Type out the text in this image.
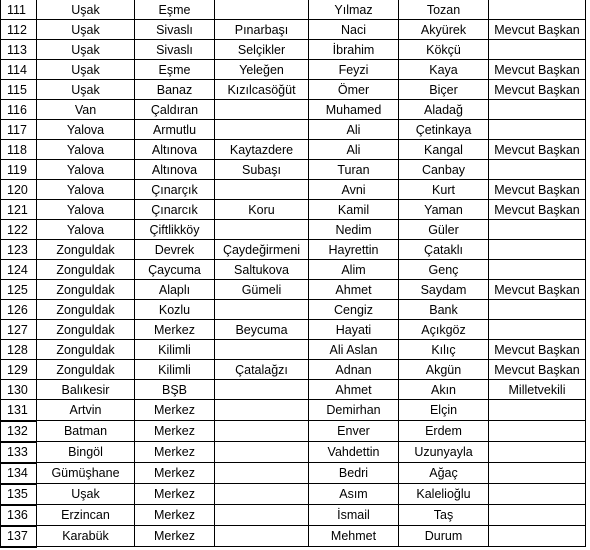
111	Uşak	Eşme		Yılmaz	Tozan	
112	Uşak	Sivaslı	Pınarbaşı	Naci	Akyürek	Mevcut Başkan
113	Uşak	Sivaslı	Selçikler	İbrahim	Kökçü	
114	Uşak	Eşme	Yeleğen	Feyzi	Kaya	Mevcut Başkan
115	Uşak	Banaz	Kızılcasöğüt	Ömer	Biçer	Mevcut Başkan
116	Van	Çaldıran		Muhamed	Aladağ	
117	Yalova	Armutlu		Ali	Çetinkaya	
118	Yalova	Altınova	Kaytazdere	Ali	Kangal	Mevcut Başkan
119	Yalova	Altınova	Subaşı	Turan	Canbay	
120	Yalova	Çınarçık		Avni	Kurt	Mevcut Başkan
121	Yalova	Çınarcık	Koru	Kamil	Yaman	Mevcut Başkan
122	Yalova	Çiftlikköy		Nedim	Güler	
123	Zonguldak	Devrek	Çaydeğirmeni	Hayrettin	Çataklı	
124	Zonguldak	Çaycuma	Saltukova	Alim	Genç	
125	Zonguldak	Alaplı	Gümeli	Ahmet	Saydam	Mevcut Başkan
126	Zonguldak	Kozlu		Cengiz	Bank	
127	Zonguldak	Merkez	Beycuma	Hayati	Açıkgöz	
128	Zonguldak	Kilimli		Ali Aslan	Kılıç	Mevcut Başkan
129	Zonguldak	Kilimli	Çatalağzı	Adnan	Akgün	Mevcut Başkan
130	Balıkesir	BŞB		Ahmet	Akın	Milletvekili
131	Artvin	Merkez		Demirhan	Elçin	
132	Batman	Merkez		Enver	Erdem	
133	Bingöl	Merkez		Vahdettin	Uzunyayla	
134	Gümüşhane	Merkez		Bedri	Ağaç	
135	Uşak	Merkez		Asım	Kalelioğlu	
136	Erzincan	Merkez		İsmail	Taş	
137	Karabük	Merkez		Mehmet	Durum	
